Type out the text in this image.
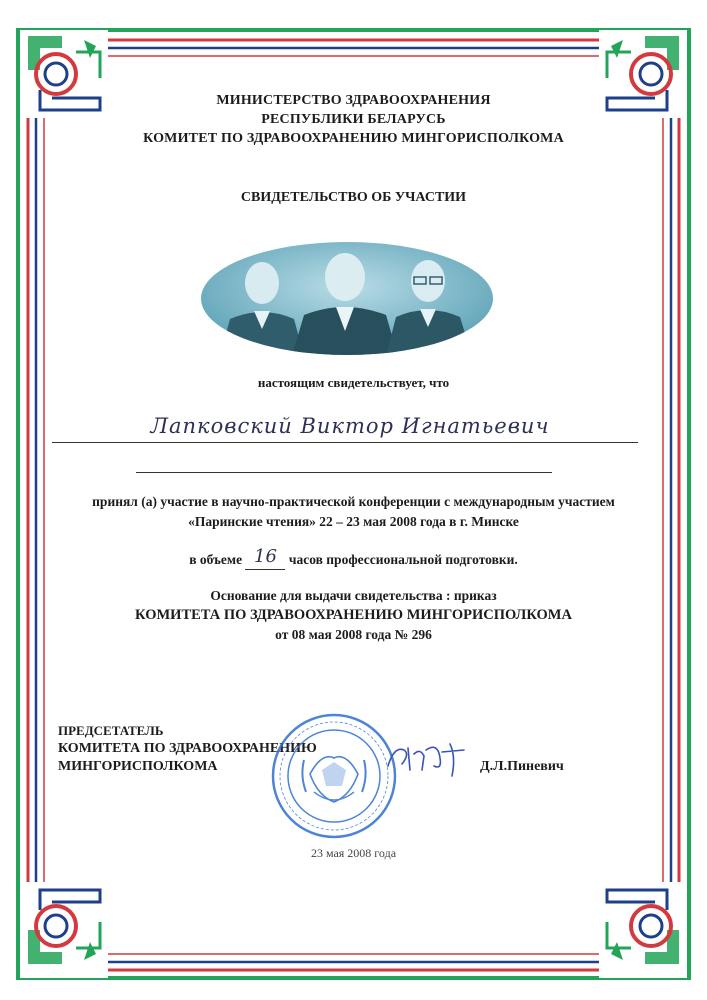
МИНИСТЕРСТВО ЗДРАВООХРАНЕНИЯ
РЕСПУБЛИКИ БЕЛАРУСЬ
КОМИТЕТ ПО ЗДРАВООХРАНЕНИЮ МИНГОРИСПОЛКОМА
СВИДЕТЕЛЬСТВО ОБ УЧАСТИИ
настоящим свидетельствует, что
Лапковский Виктор Игнатьевич
принял (а) участие в научно-практической конференции с международным участием
«Паринские чтения» 22 – 23 мая 2008 года в г. Минске
в объеме 16 часов профессиональной подготовки.
Основание для выдачи свидетельства : приказ
КОМИТЕТА ПО ЗДРАВООХРАНЕНИЮ МИНГОРИСПОЛКОМА
от 08 мая 2008 года № 296
ПРЕДСЕТАТЕЛЬ
КОМИТЕТА ПО ЗДРАВООХРАНЕНИЮ
МИНГОРИСПОЛКОМА	Д.Л.Пиневич
23 мая 2008 года
